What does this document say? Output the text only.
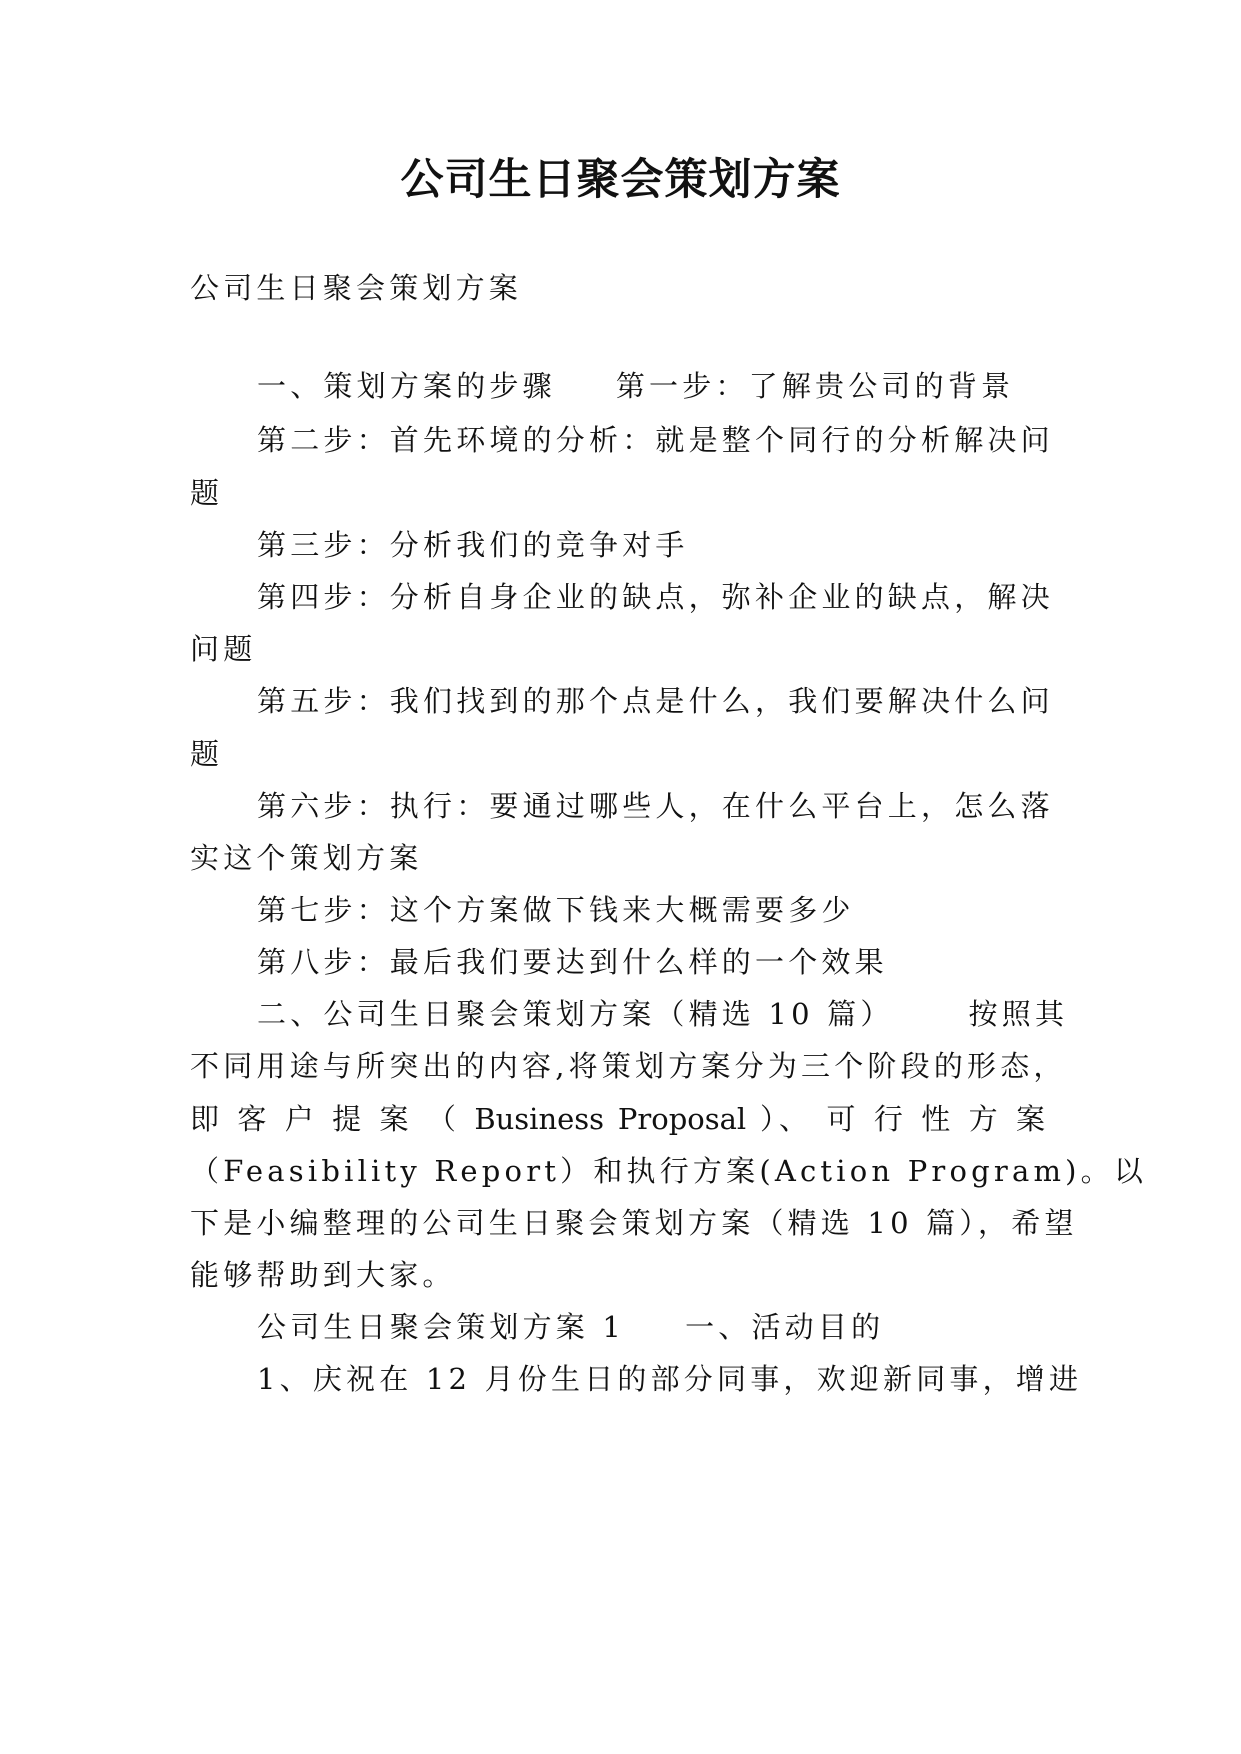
公司生日聚会策划方案
公司生日聚会策划方案
一、策划方案的步骤 第一步：了解贵公司的背景
第二步：首先环境的分析：就是整个同行的分析解决问
题
第三步：分析我们的竞争对手
第四步：分析自身企业的缺点，弥补企业的缺点，解决
问题
第五步：我们找到的那个点是什么，我们要解决什么问
题
第六步：执行：要通过哪些人，在什么平台上，怎么落
实这个策划方案
第七步：这个方案做下钱来大概需要多少
第八步：最后我们要达到什么样的一个效果
二、公司生日聚会策划方案（精选 10 篇）	按照其
不同用途与所突出的内容,将策划方案分为三个阶段的形态，
即 客 户 提 案 （ Business Proposal ）、 可 行 性 方 案
（Feasibility Report）和执行方案(Action Program)。以
下是小编整理的公司生日聚会策划方案（精选 10 篇），希望
能够帮助到大家。
公司生日聚会策划方案 1 一、活动目的
1、庆祝在 12 月份生日的部分同事，欢迎新同事，增进
